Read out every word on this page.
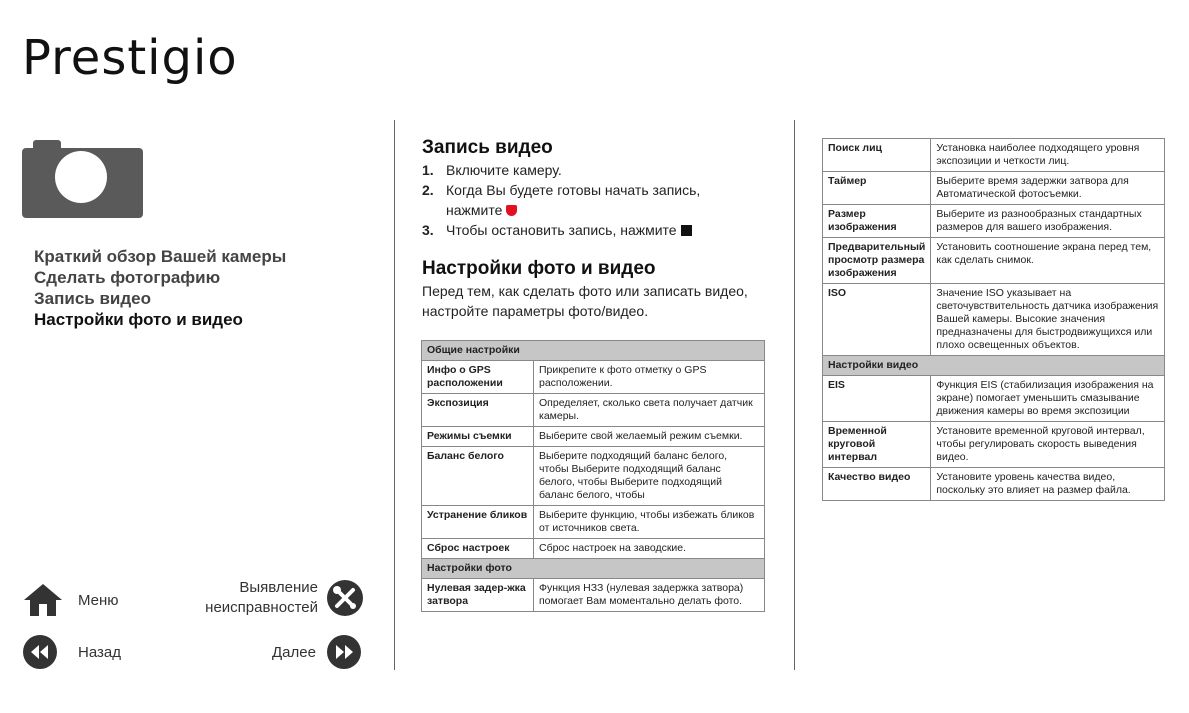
Prestigio
Краткий обзор Вашей камеры
Сделать фотографию
Запись видео
Настройки фото и видео
Меню
Выявление
неисправностей
Назад	Далее
Запись видео
1. Включите камеру.
2. Когда Вы будете готовы начать запись,
нажмите
3. Чтобы остановить запись, нажмите
Настройки фото и видео
Перед тем, как сделать фото или записать видео,
настройте параметры фото/видео.
Общие настройки	
Инфо о GPS расположении	Прикрепите к фото отметку о GPS расположении.
Экспозиция	Определяет, сколько света получает датчик камеры.
Режимы съемки	Выберите свой желаемый режим съемки.
Баланс белого	Выберите подходящий баланс белого, чтобы Выберите подходящий баланс белого, чтобы Выберите подходящий баланс белого, чтобы
Устранение бликов	Выберите функцию, чтобы избежать бликов от источников света.
Сброс настроек	Сброс настроек на заводские.
Настройки фото	
Нулевая задер-жка затвора	Функция НЗЗ (нулевая задержка затвора) помогает Вам моментально делать фото.
Поиск лиц	Установка наиболее подходящего уровня экспозиции и четкости лиц.
Таймер	Выберите время задержки затвора для Автоматической фотосъемки.
Размер изображения	Выберите из разнообразных стандартных размеров для вашего изображения.
Предварительный просмотр размера изображения	Установить соотношение экрана перед тем, как сделать снимок.
ISO	Значение ISO указывает на светочувствительность датчика изображения Вашей камеры. Высокие значения предназначены для быстродвижущихся или плохо освещенных объектов.
Настройки видео	
EIS	Функция EIS (стабилизация изображения на экране) помогает уменьшить смазывание движения камеры во время экспозиции
Временной круговой интервал	Установите временной круговой интервал, чтобы регулировать скорость выведения видео.
Качество видео	Установите уровень качества видео, поскольку это влияет на размер файла.
